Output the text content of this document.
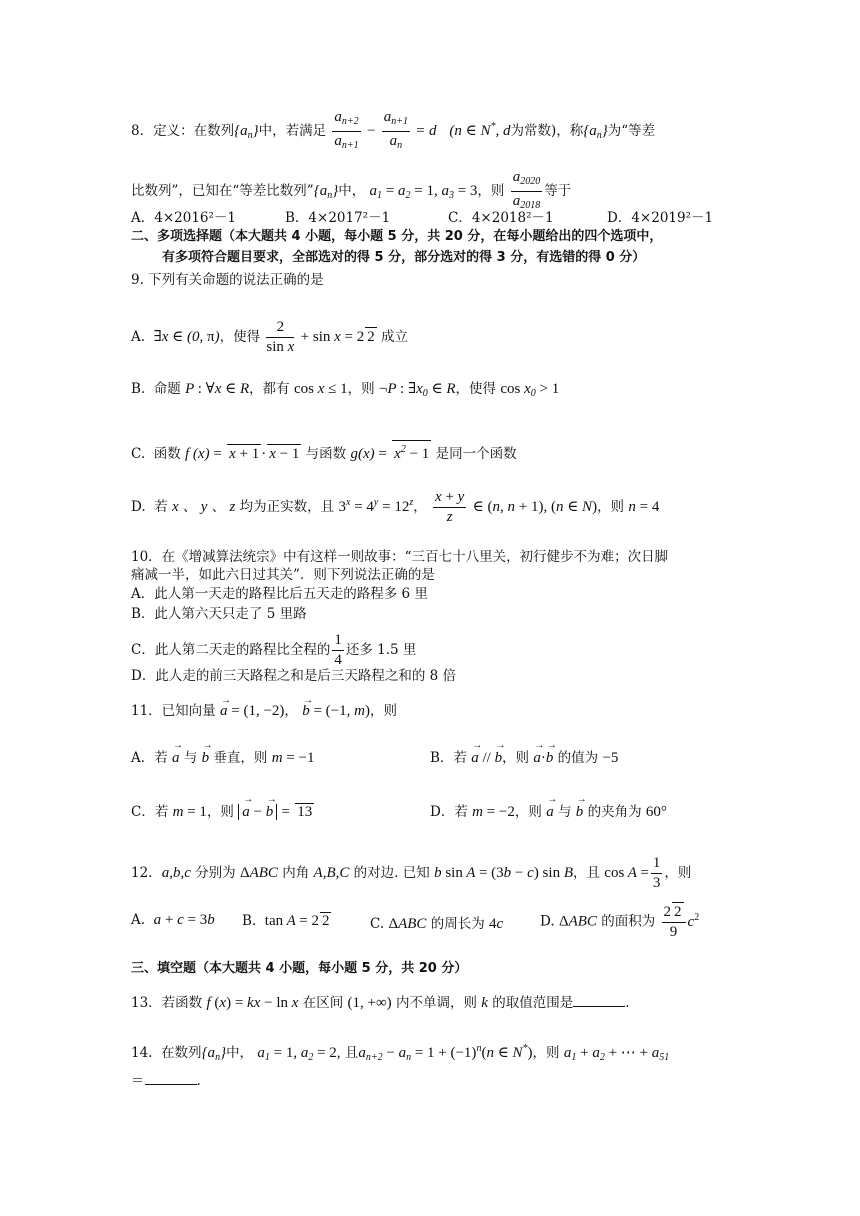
8．定义：在数列$\{a_n\}$中，若满足 $\frac{a_{n+2}}{a_{n+1}} - \frac{a_{n+1}}{a_n} = d$ (n ∈ N*, d为常数)，称$\{a_n\}$为“等差
比数列”，已知在“等差比数列$”\{a_n\}$中， $a_1 = a_2 = 1$, $a_3 = 3$，则 $\frac{a_{2020}}{a_{2018}}$ 等于
A．4×2016²－1	B．4×2017²－1	C．4×2018²－1	D．4×2019²－1
二、多项选择题（本大题共 4 小题，每小题 5 分，共 20 分，在每小题给出的四个选项中，
有多项符合题目要求，全部选对的得 5 分，部分选对的得 3 分，有选错的得 0 分）
9. 下列有关命题的说法正确的是
A.  ∃x ∈ (0, π)，使得 $\frac{2}{\text{sin x}} + \sin x = 2$ 2 成立
B.  命题 P : ∀x ∈ R，都有 cos x ≤ 1，则 ¬P : $\exists x_0$ ∈ R，使得 $\cos x_0 > 1$
C.  函数 f (x) = x + 1 · x − 1 与函数 $g(x) = x^2 - 1$ 是同一个函数
D.  若 x 、 y 、 z 均为正实数，且 $3^x = 4^y = 12^z$， $\frac{x + y}{z}$ ∈ (n, n + 1), (n ∈ N)，则 n = 4
10．在《增减算法统宗》中有这样一则故事：“三百七十八里关，初行健步不为难；次日脚
痛减一半，如此六日过其关”．则下列说法正确的是
A．此人第一天走的路程比后五天走的路程多 6 里
B．此人第六天只走了 5 里路
C．此人第二天走的路程比全程的 $\frac{1}{4}$ 还多 1.5 里
D．此人走的前三天路程之和是后三天路程之和的 8 倍
11．已知向量 → a = (1, −2)， → b = (−1, m)，则
A．若 → a 与 → b 垂直，则 m = −1	B．若 → a // → b，则 → a·→ b 的值为 −5
C．若 m = 1，则 → a − → b = 13	D．若 m = −2，则 → a 与 → b 的夹角为 60°
12．a,b,c 分别为 ΔABC 内角 A,B,C 的对边. 已知 b sin A = (3b − c) sin B，且 $\cos A = \frac{1}{3}$ ，则
A.  a + c = 3b B.  tan A = 2 2	C. ΔABC 的周长为 4c	D. ΔABC 的面积为 $\frac{2 2}{9} c^2$
三、填空题（本大题共 4 小题，每小题 5 分，共 20 分）
13．若函数 f (x) = kx − ln x 在区间 (1, +∞) 内不单调，则 k 的取值范围是	.
14.  在数列$\{a_n\}$中， $a_1 = 1$, $a_2 = 2$, 且$a_{n+2} - a_n = 1 + (-1)^n(n$ ∈ N*)，则 $a_1 + a_2$ + ⋯ + $a_{51}$
＝	.
